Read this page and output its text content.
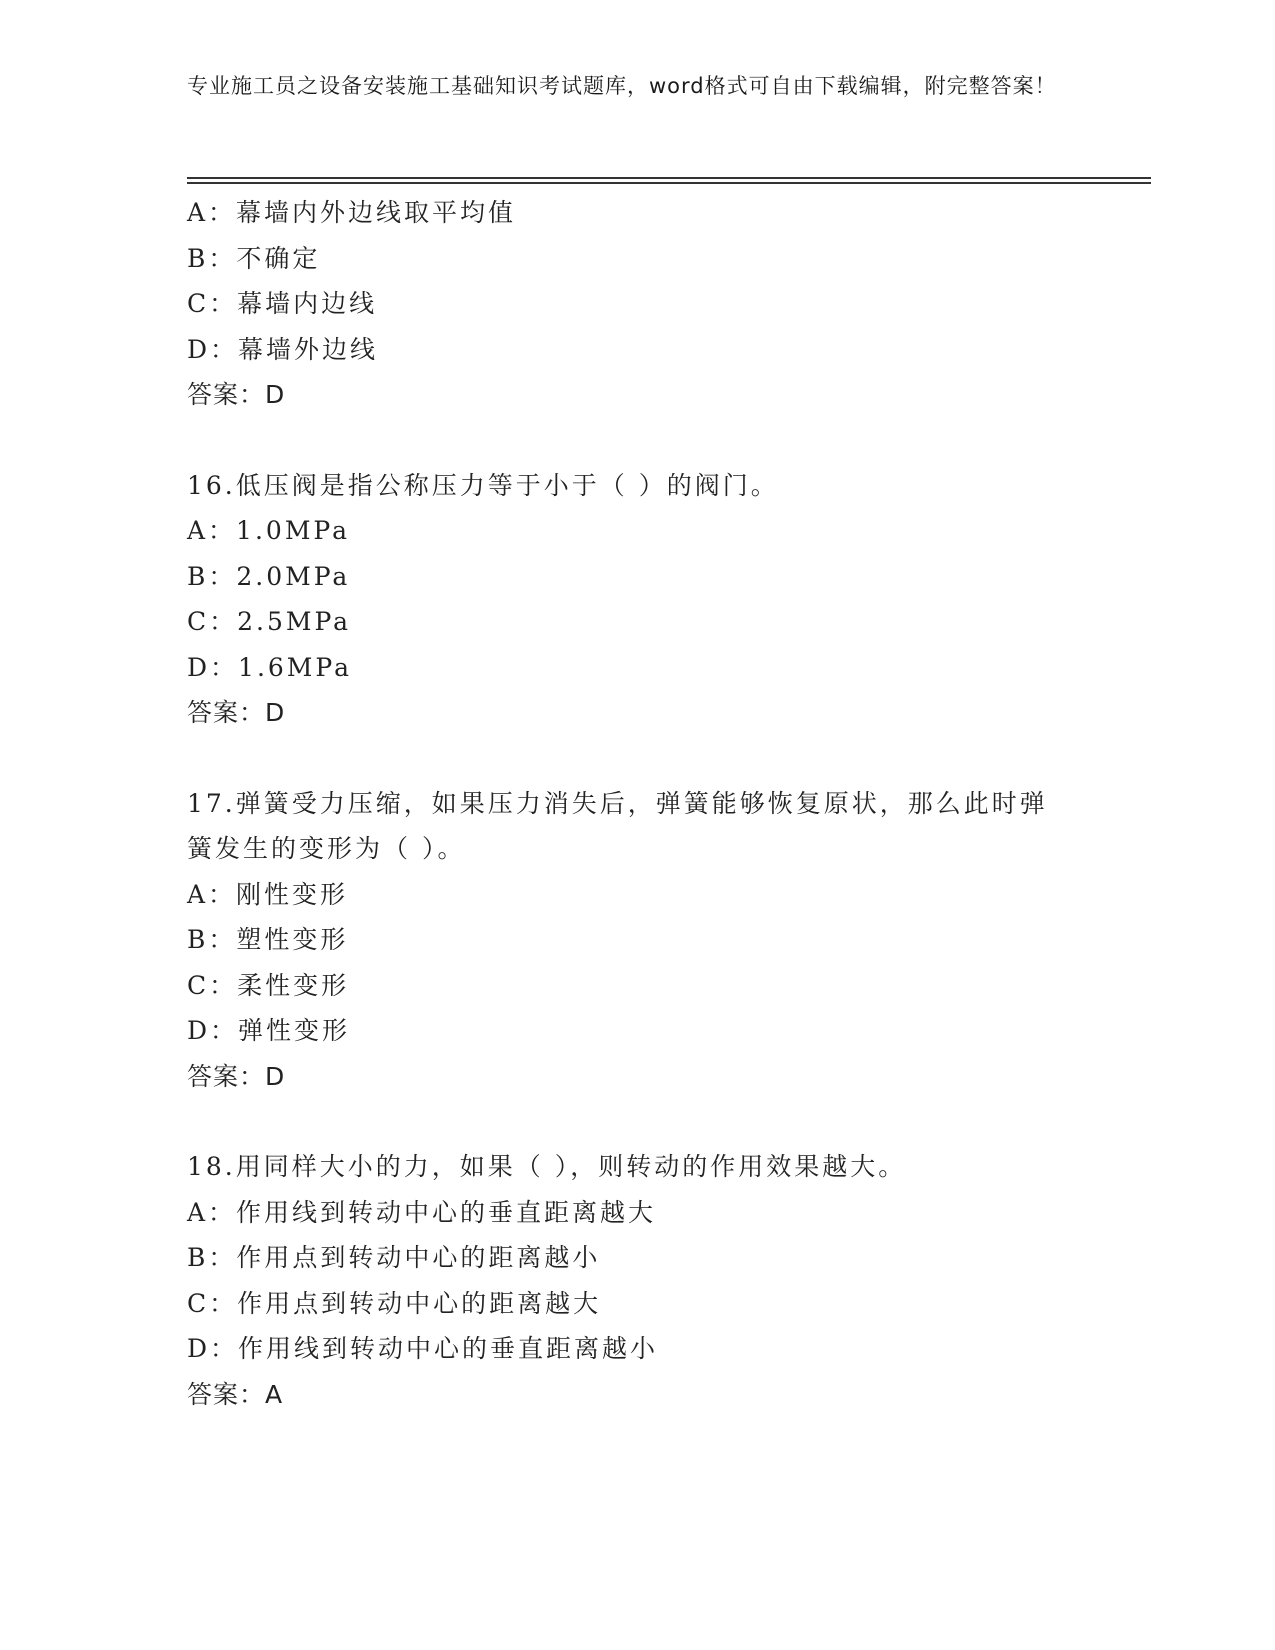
专业施工员之设备安装施工基础知识考试题库，word格式可自由下载编辑，附完整答案！
A：幕墙内外边线取平均值
B：不确定
C：幕墙内边线
D：幕墙外边线
答案：D
16.低压阀是指公称压力等于小于（ ）的阀门。
A：1.0MPa
B：2.0MPa
C：2.5MPa
D：1.6MPa
答案：D
17.弹簧受力压缩，如果压力消失后，弹簧能够恢复原状，那么此时弹
簧发生的变形为（ ）。
A：刚性变形
B：塑性变形
C：柔性变形
D：弹性变形
答案：D
18.用同样大小的力，如果（ ），则转动的作用效果越大。
A：作用线到转动中心的垂直距离越大
B：作用点到转动中心的距离越小
C：作用点到转动中心的距离越大
D：作用线到转动中心的垂直距离越小
答案：A
